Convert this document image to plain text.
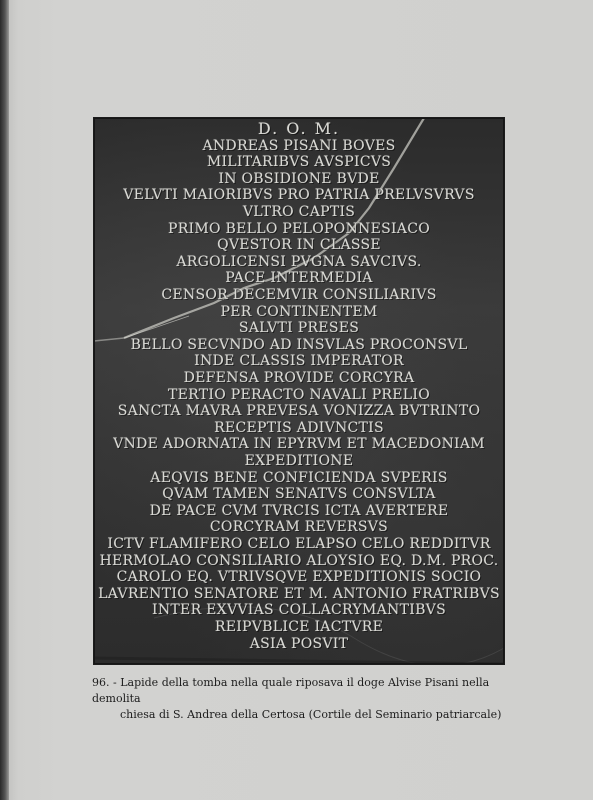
D. O. M.
ANDREAS PISANI BOVES
MILITARIBVS AVSPICVS
IN OBSIDIONE BVDE
VELVTI MAIORIBVS PRO PATRIA PRELVSVRVS
VLTRO CAPTIS
PRIMO BELLO PELOPONNESIACO
QVESTOR IN CLASSE
ARGOLICENSI PVGNA SAVCIVS.
PACE INTERMEDIA
CENSOR DECEMVIR CONSILIARIVS
PER CONTINENTEM
SALVTI PRESES
BELLO SECVNDO AD INSVLAS PROCONSVL
INDE CLASSIS IMPERATOR
DEFENSA PROVIDE CORCYRA
TERTIO PERACTO NAVALI PRELIO
SANCTA MAVRA PREVESA VONIZZA BVTRINTO
RECEPTIS ADIVNCTIS
VNDE ADORNATA IN EPYRVM ET MACEDONIAM
EXPEDITIONE
AEQVIS BENE CONFICIENDA SVPERIS
QVAM TAMEN SENATVS CONSVLTA
DE PACE CVM TVRCIS ICTA AVERTERE
CORCYRAM REVERSVS
ICTV FLAMIFERO CELO ELAPSO CELO REDDITVR
HERMOLAO CONSILIARIO ALOYSIO EQ. D.M. PROC.
CAROLO EQ. VTRIVSQVE EXPEDITIONIS SOCIO
LAVRENTIO SENATORE ET M. ANTONIO FRATRIBVS
INTER EXVVIAS COLLACRYMANTIBVS
REIPVBLICE IACTVRE
ASIA POSVIT
96. - Lapide della tomba nella quale riposava il doge Alvise Pisani nella demolita
chiesa di S. Andrea della Certosa (Cortile del Seminario patriarcale)
